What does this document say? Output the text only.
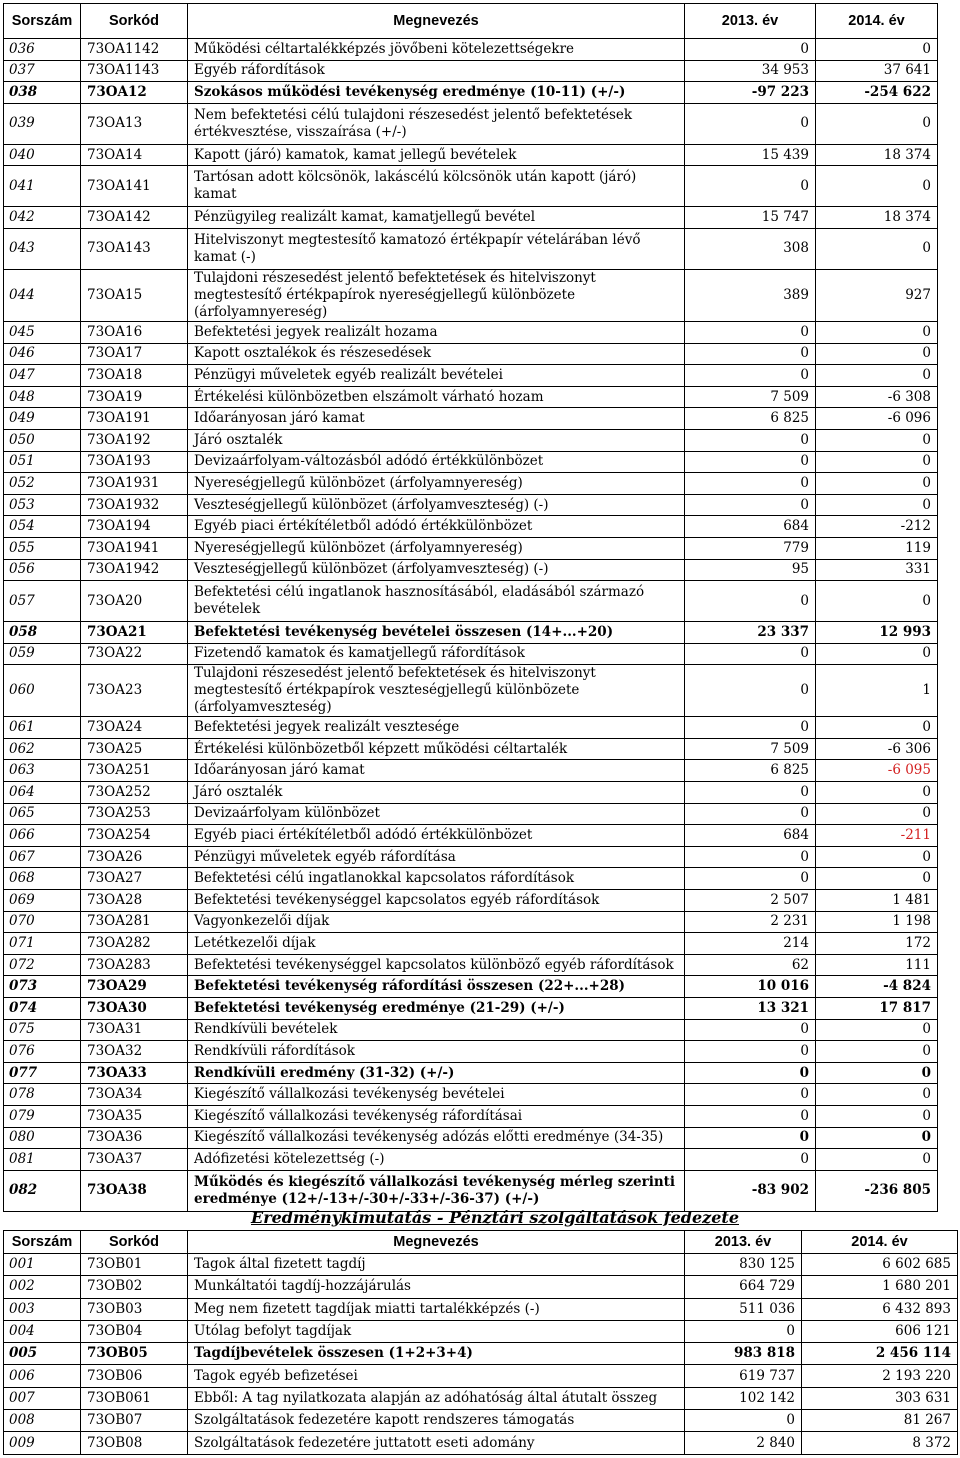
Sorszám	Sorkód	Megnevezés	2013. év	2014. év
036	73OA1142	Működési céltartalékképzés jövőbeni kötelezettségekre	0	0
037	73OA1143	Egyéb ráfordítások	34 953	37 641
038	73OA12	Szokásos működési tevékenység eredménye (10-11) (+/-)	-97 223	-254 622
039	73OA13	Nem befektetési célú tulajdoni részesedést jelentő befektetések értékvesztése, visszaírása (+/-)	0	0
040	73OA14	Kapott (járó) kamatok, kamat jellegű bevételek	15 439	18 374
041	73OA141	Tartósan adott kölcsönök, lakáscélú kölcsönök után kapott (járó) kamat	0	0
042	73OA142	Pénzügyileg realizált kamat, kamatjellegű bevétel	15 747	18 374
043	73OA143	Hitelviszonyt megtestesítő kamatozó értékpapír vételárában lévő kamat (-)	308	0
044	73OA15	Tulajdoni részesedést jelentő befektetések és hitelviszonyt megtestesítő értékpapírok nyereségjellegű különbözete (árfolyamnyereség)	389	927
045	73OA16	Befektetési jegyek realizált hozama	0	0
046	73OA17	Kapott osztalékok és részesedések	0	0
047	73OA18	Pénzügyi műveletek egyéb realizált bevételei	0	0
048	73OA19	Értékelési különbözetben elszámolt várható hozam	7 509	-6 308
049	73OA191	Időarányosan járó kamat	6 825	-6 096
050	73OA192	Járó osztalék	0	0
051	73OA193	Devizaárfolyam-változásból adódó értékkülönbözet	0	0
052	73OA1931	Nyereségjellegű különbözet (árfolyamnyereség)	0	0
053	73OA1932	Veszteségjellegű különbözet (árfolyamveszteség) (-)	0	0
054	73OA194	Egyéb piaci értékítéletből adódó értékkülönbözet	684	-212
055	73OA1941	Nyereségjellegű különbözet (árfolyamnyereség)	779	119
056	73OA1942	Veszteségjellegű különbözet (árfolyamveszteség) (-)	95	331
057	73OA20	Befektetési célú ingatlanok hasznosításából, eladásából származó bevételek	0	0
058	73OA21	Befektetési tevékenység bevételei összesen (14+...+20)	23 337	12 993
059	73OA22	Fizetendő kamatok és kamatjellegű ráfordítások	0	0
060	73OA23	Tulajdoni részesedést jelentő befektetések és hitelviszonyt megtestesítő értékpapírok veszteségjellegű különbözete (árfolyamveszteség)	0	1
061	73OA24	Befektetési jegyek realizált vesztesége	0	0
062	73OA25	Értékelési különbözetből képzett működési céltartalék	7 509	-6 306
063	73OA251	Időarányosan járó kamat	6 825	-6 095
064	73OA252	Járó osztalék	0	0
065	73OA253	Devizaárfolyam különbözet	0	0
066	73OA254	Egyéb piaci értékítéletből adódó értékkülönbözet	684	-211
067	73OA26	Pénzügyi műveletek egyéb ráfordítása	0	0
068	73OA27	Befektetési célú ingatlanokkal kapcsolatos ráfordítások	0	0
069	73OA28	Befektetési tevékenységgel kapcsolatos egyéb ráfordítások	2 507	1 481
070	73OA281	Vagyonkezelői díjak	2 231	1 198
071	73OA282	Letétkezelői díjak	214	172
072	73OA283	Befektetési tevékenységgel kapcsolatos különböző egyéb ráfordítások	62	111
073	73OA29	Befektetési tevékenység ráfordítási összesen (22+...+28)	10 016	-4 824
074	73OA30	Befektetési tevékenység eredménye (21-29) (+/-)	13 321	17 817
075	73OA31	Rendkívüli bevételek	0	0
076	73OA32	Rendkívüli ráfordítások	0	0
077	73OA33	Rendkívüli eredmény (31-32) (+/-)	0	0
078	73OA34	Kiegészítő vállalkozási tevékenység bevételei	0	0
079	73OA35	Kiegészítő vállalkozási tevékenység ráfordításai	0	0
080	73OA36	Kiegészítő vállalkozási tevékenység adózás előtti eredménye (34-35)	0	0
081	73OA37	Adófizetési kötelezettség (-)	0	0
082	73OA38	Működés és kiegészítő vállalkozási tevékenység mérleg szerinti eredménye (12+/-13+/-30+/-33+/-36-37) (+/-)	-83 902	-236 805
Eredménykimutatás - Pénztári szolgáltatások fedezete
Sorszám	Sorkód	Megnevezés	2013. év	2014. év
001	73OB01	Tagok által fizetett tagdíj	830 125	6 602 685
002	73OB02	Munkáltatói tagdíj-hozzájárulás	664 729	1 680 201
003	73OB03	Meg nem fizetett tagdíjak miatti tartalékképzés (-)	511 036	6 432 893
004	73OB04	Utólag befolyt tagdíjak	0	606 121
005	73OB05	Tagdíjbevételek összesen (1+2+3+4)	983 818	2 456 114
006	73OB06	Tagok egyéb befizetései	619 737	2 193 220
007	73OB061	Ebből: A tag nyilatkozata alapján az adóhatóság által átutalt összeg	102 142	303 631
008	73OB07	Szolgáltatások fedezetére kapott rendszeres támogatás	0	81 267
009	73OB08	Szolgáltatások fedezetére juttatott eseti adomány	2 840	8 372
